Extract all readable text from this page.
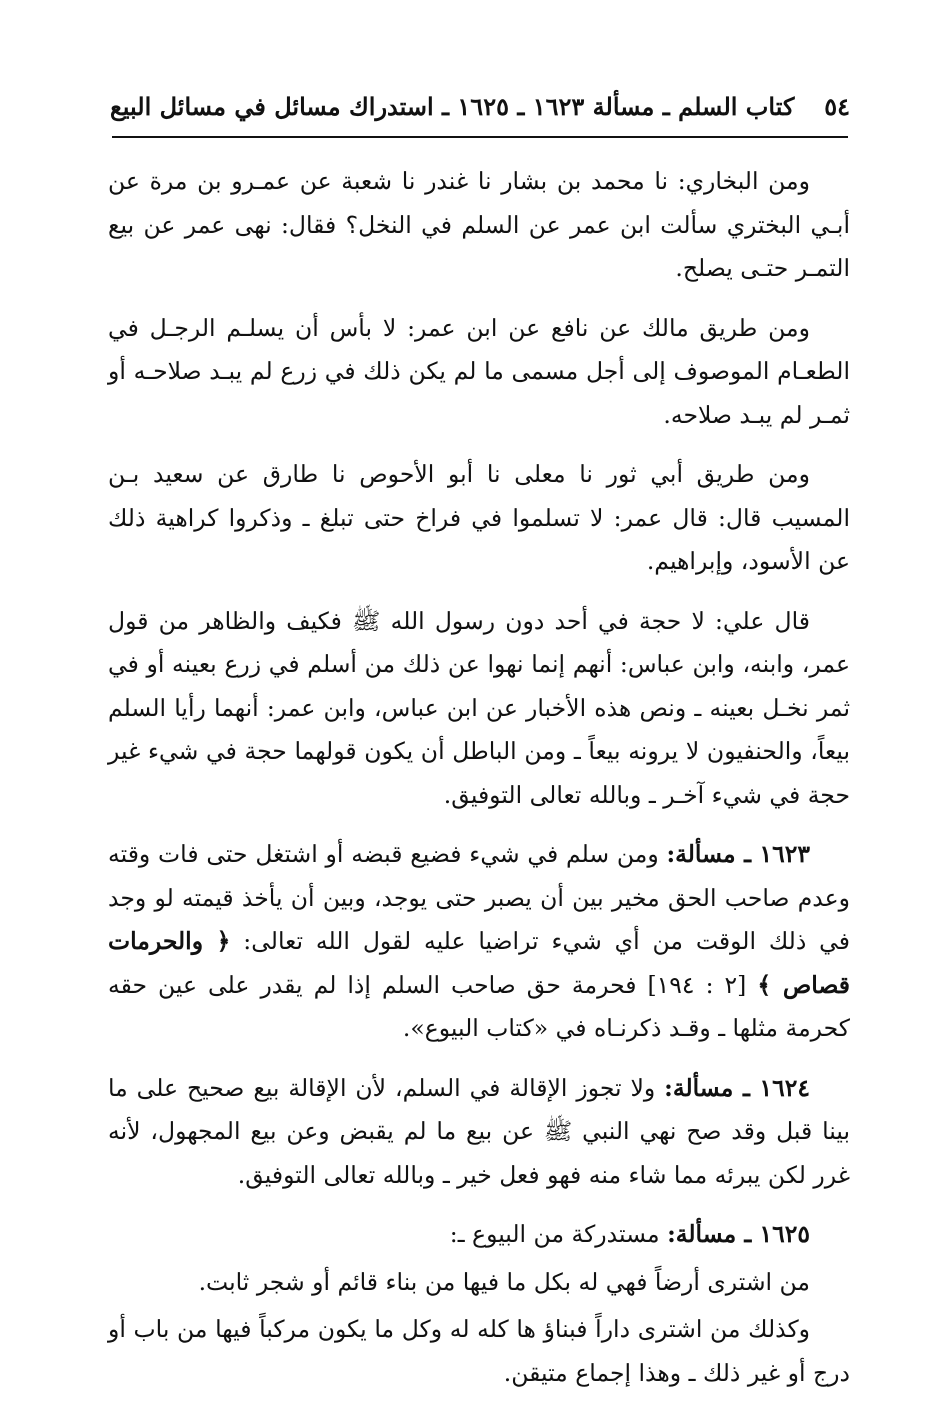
٥٤
كتاب السلم ـ مسألة ١٦٢٣ ـ ١٦٢٥ ـ استدراك مسائل في مسائل البيع

ومن البخاري: نا محمد بن بشار نا غندر نا شعبة عن عمـرو بن مرة عن أبـي البختري سألت ابن عمر عن السلم في النخل؟ فقال: نهى عمر عن بيع التمـر حتـى يصلح.

ومن طريق مالك عن نافع عن ابن عمر: لا بأس أن يسلـم الرجـل في الطعـام الموصوف إلى أجل مسمى ما لم يكن ذلك في زرع لم يبـد صلاحـه أو ثمـر لم يبـد صلاحه.

ومن طريق أبي ثور نا معلى نا أبو الأحوص نا طارق عن سعيد بـن المسيب قال: قال عمر: لا تسلموا في فراخ حتى تبلغ ـ وذكروا كراهية ذلك عن الأسود، وإبراهيم.

قال علي: لا حجة في أحد دون رسول الله ﷺ فكيف والظاهر من قول عمر، وابنه، وابن عباس: أنهم إنما نهوا عن ذلك من أسلم في زرع بعينه أو في ثمر نخـل بعينه ـ ونص هذه الأخبار عن ابن عباس، وابن عمر: أنهما رأيا السلم بيعاً، والحنفيون لا يرونه بيعاً ـ ومن الباطل أن يكون قولهما حجة في شيء غير حجة في شيء آخـر ـ وبالله تعالى التوفيق.

١٦٢٣ ـ مسألة: ومن سلم في شيء فضيع قبضه أو اشتغل حتى فات وقته وعدم صاحب الحق مخير بين أن يصبر حتى يوجد، وبين أن يأخذ قيمته لو وجد في ذلك الوقت من أي شيء تراضيا عليه لقول الله تعالى: ﴿ والحرمات قصاص ﴾ [٢ : ١٩٤] فحرمة حق صاحب السلم إذا لم يقدر على عين حقه كحرمة مثلها ـ وقـد ذكرنـاه في «كتاب البيوع».

١٦٢٤ ـ مسألة: ولا تجوز الإقالة في السلم، لأن الإقالة بيع صحيح على ما بينا قبل وقد صح نهي النبي ﷺ عن بيع ما لم يقبض وعن بيع المجهول، لأنه غرر لكن يبرئه مما شاء منه فهو فعل خير ـ وبالله تعالى التوفيق.

١٦٢٥ ـ مسألة: مستدركة من البيوع ـ:

من اشترى أرضاً فهي له بكل ما فيها من بناء قائم أو شجر ثابت.

وكذلك من اشترى داراً فبناؤ ها كله له وكل ما يكون مركباً فيها من باب أو درج أو غير ذلك ـ وهذا إجماع متيقن.
